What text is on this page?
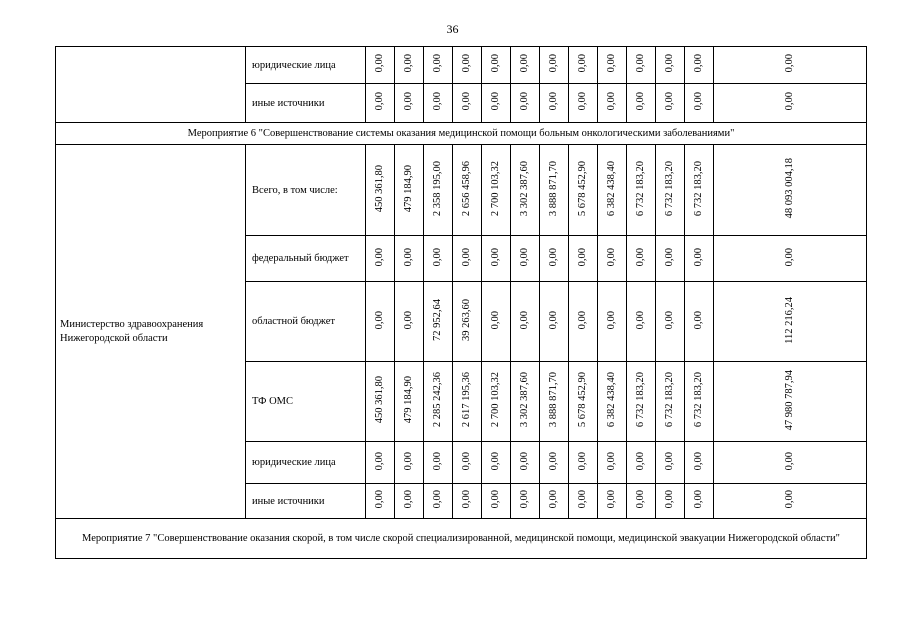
36
	юридические лица	0,00	0,00	0,00	0,00	0,00	0,00	0,00	0,00	0,00	0,00	0,00	0,00	0,00
	иные источники	0,00	0,00	0,00	0,00	0,00	0,00	0,00	0,00	0,00	0,00	0,00	0,00	0,00
Мероприятие 6 "Совершенствование системы оказания медицинской помощи больным онкологическими заболеваниями"														
Министерство здравоохранения Нижегородской области	Всего, в том числе:	450 361,80	479 184,90	2 358 195,00	2 656 458,96	2 700 103,32	3 302 387,60	3 888 871,70	5 678 452,90	6 382 438,40	6 732 183,20	6 732 183,20	6 732 183,20	48 093 004,18
	федеральный бюджет	0,00	0,00	0,00	0,00	0,00	0,00	0,00	0,00	0,00	0,00	0,00	0,00	0,00
	областной бюджет	0,00	0,00	72 952,64	39 263,60	0,00	0,00	0,00	0,00	0,00	0,00	0,00	0,00	112 216,24
	ТФ ОМС	450 361,80	479 184,90	2 285 242,36	2 617 195,36	2 700 103,32	3 302 387,60	3 888 871,70	5 678 452,90	6 382 438,40	6 732 183,20	6 732 183,20	6 732 183,20	47 980 787,94
	юридические лица	0,00	0,00	0,00	0,00	0,00	0,00	0,00	0,00	0,00	0,00	0,00	0,00	0,00
	иные источники	0,00	0,00	0,00	0,00	0,00	0,00	0,00	0,00	0,00	0,00	0,00	0,00	0,00
Мероприятие 7 "Совершенствование оказания скорой, в том числе скорой специализированной, медицинской помощи, медицинской эвакуации Нижегородской области"														
